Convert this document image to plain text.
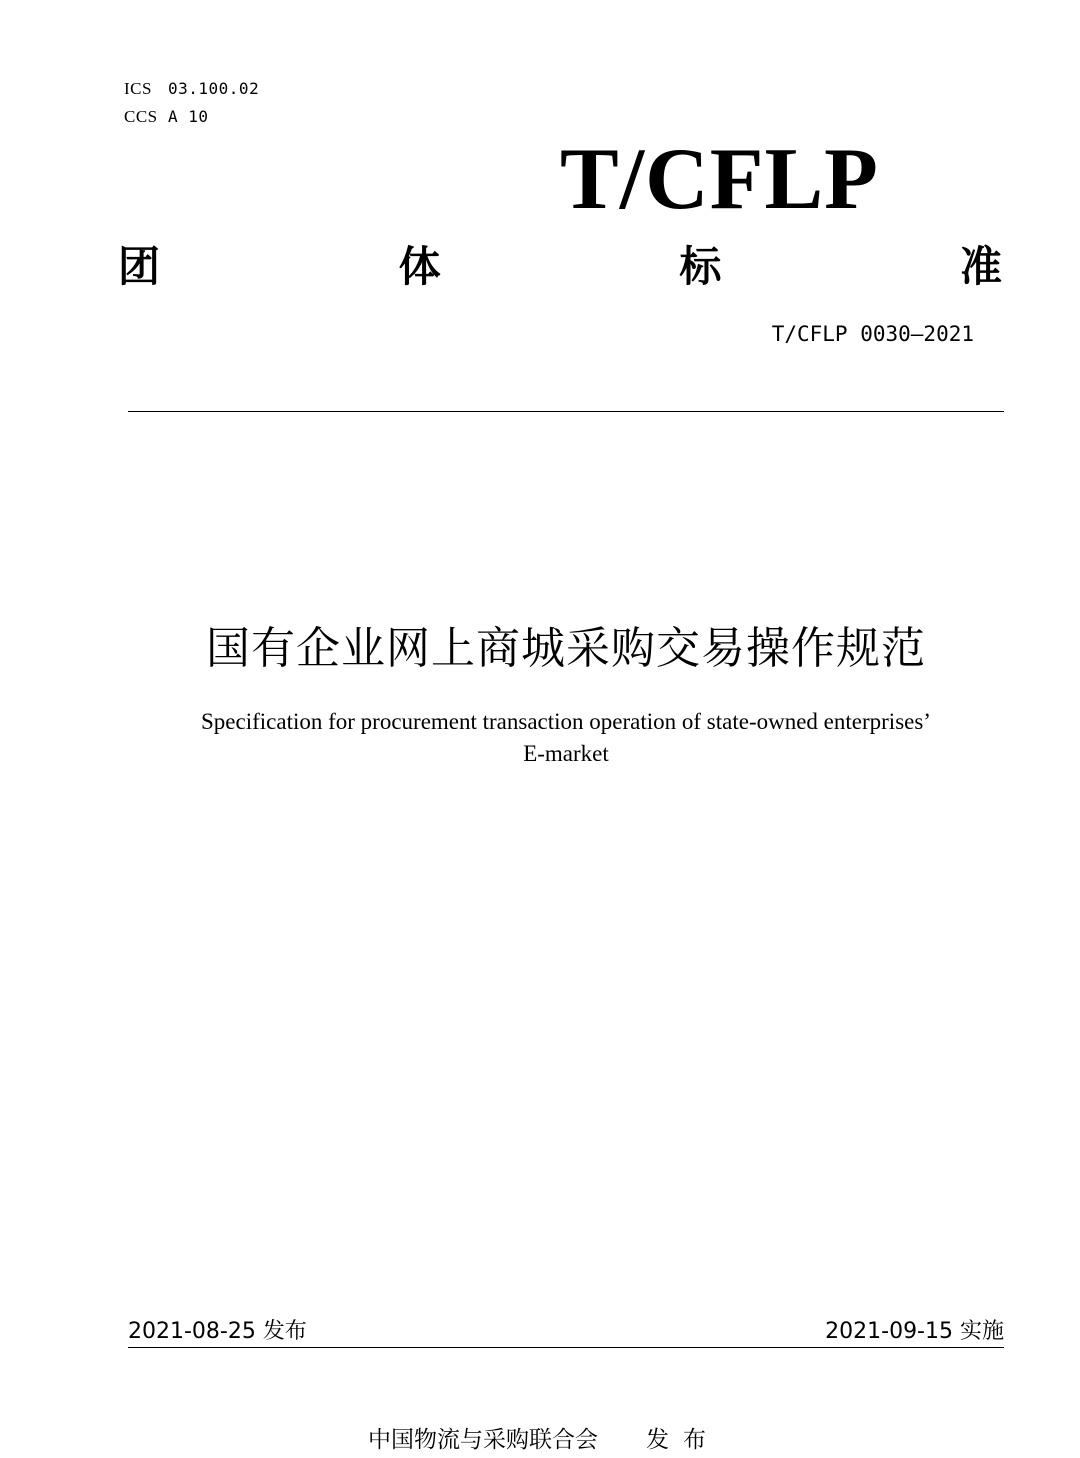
ICS 03.100.02
CCS A 10
T/CFLP
团	体	标	准
T/CFLP 0030—2021
国有企业网上商城采购交易操作规范
Specification for procurement transaction operation of state-owned enterprises’
E-market
2021-08-25 发布	2021-09-15 实施
中国物流与采购联合会 发布
